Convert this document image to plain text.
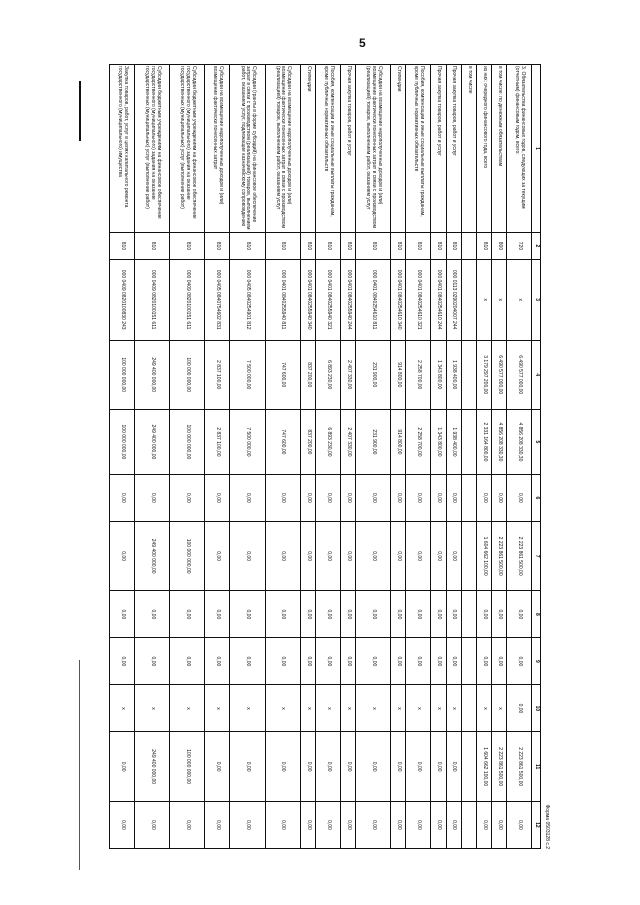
5
Форма 0503128 с.2
1	2	3	4	5	6	7	8	9	10	11	12
3. Обязательства финансовых годов, следующих за текущим (отчетным) финансовым годом, всего:	720	x	6 490 577 000,00	4 856 208 330,30	0,00	2 223 861 500,00	0,00	0,00	0,00	2 223 861 500,00	0,00
в том числе: по денежным обязательствам	800	x	6 490 577 000,00	4 856 208 330,30	0,00	2 223 861 500,00	0,00	0,00	x	2 223 861 500,00	0,00
из них: очередного финансового года, всего	810	x	3 179 297 200,00	2 331 164 800,00	0,00	1 604 662 100,00	0,00	0,00	x	1 604 662 100,00	0,00
в том числе											
Прочая закупка товаров, работ и услуг	810	000 0113 0290204007 244	1 938 400,00	1 938 400,00	0,00	0,00	0,00	0,00	x	0,00	0,00
Прочая закупка товаров, работ и услуг	810	000 0401 0840254610 244	1 343 800,00	1 343 800,00	0,00	0,00	0,00	0,00	x	0,00	0,00
Пособия, компенсации и иные социальные выплаты гражданам, кроме публичных нормативных обязательств	810	000 0401 0840254610 321	2 258 700,00	2 258 700,00	0,00	0,00	0,00	0,00	x	0,00	0,00
Стипендии	810	000 0401 0840254610 340	914 800,00	914 800,00	0,00	0,00	0,00	0,00	x	0,00	0,00
Субсидии на возмещение недополученных доходов и (или) возмещение фактически понесенных затрат в связи с производством (реализацией) товаров, выполнением работ, оказанием услуг	810	000 0401 0840254610 811	231 900,00	231 900,00	0,00	0,00	0,00	0,00	x	0,00	0,00
Прочая закупка товаров, работ и услуг	810	000 0401 0840255940 244	2 407 330,00	2 407 330,00	0,00	0,00	0,00	0,00	x	0,00	0,00
Пособия, компенсации и иные социальные выплаты гражданам, кроме публичных нормативных обязательств	810	000 0401 0840255940 321	6 893 230,00	6 893 230,00	0,00	0,00	0,00	0,00	x	0,00	0,00
Стипендии	810	000 0401 0840255940 340	837 200,00	837 200,00	0,00	0,00	0,00	0,00	x	0,00	0,00
Субсидии на возмещение недополученных доходов и (или) возмещение фактически понесенных затрат в связи с производством (реализацией) товаров, выполнением работ, оказанием услуг	810	000 0401 0840255940 811	747 600,00	747 600,00	0,00	0,00	0,00	0,00	x	0,00	0,00
Субсидии (гранты в форме субсидий) на финансовое обеспечение затрат в связи с производством (реализацией) товаров, выполнением работ, оказанием услуг, подлежащие казначейскому сопровождению	810	000 0405 0840254901 812	7 500 000,00	7 500 000,00	0,00	0,00	0,00	0,00	x	0,00	0,00
Субсидии на возмещение недополученных доходов и (или) возмещение фактически понесенных затрат	810	000 0405 0840754602 831	2 837 100,00	2 837 100,00	0,00	0,00	0,00	0,00	x	0,00	0,00
Субсидии бюджетным учреждениям на финансовое обеспечение государственного (муниципального) задания на оказание государственных (муниципальных) услуг (выполнение работ)	810	000 0409 0820100151 611	100 000 000,00	100 000 000,00	0,00	100 000 000,00	0,00	0,00	x	100 000 000,00	0,00
Субсидии бюджетным учреждениям на финансовое обеспечение государственного (муниципального) задания на оказание государственных (муниципальных) услуг (выполнение работ)	810	000 0409 0820100151 611	249 400 000,00	249 400 000,00	0,00	249 400 000,00	0,00	0,00	x	249 400 000,00	0,00
Закупка товаров, работ, услуг в целях капитального ремонта государственного (муниципального) имущества	810	000 0409 0820100830 243	100 000 000,00	100 000 000,00	0,00	0,00	0,00	0,00	x	0,00	0,00
